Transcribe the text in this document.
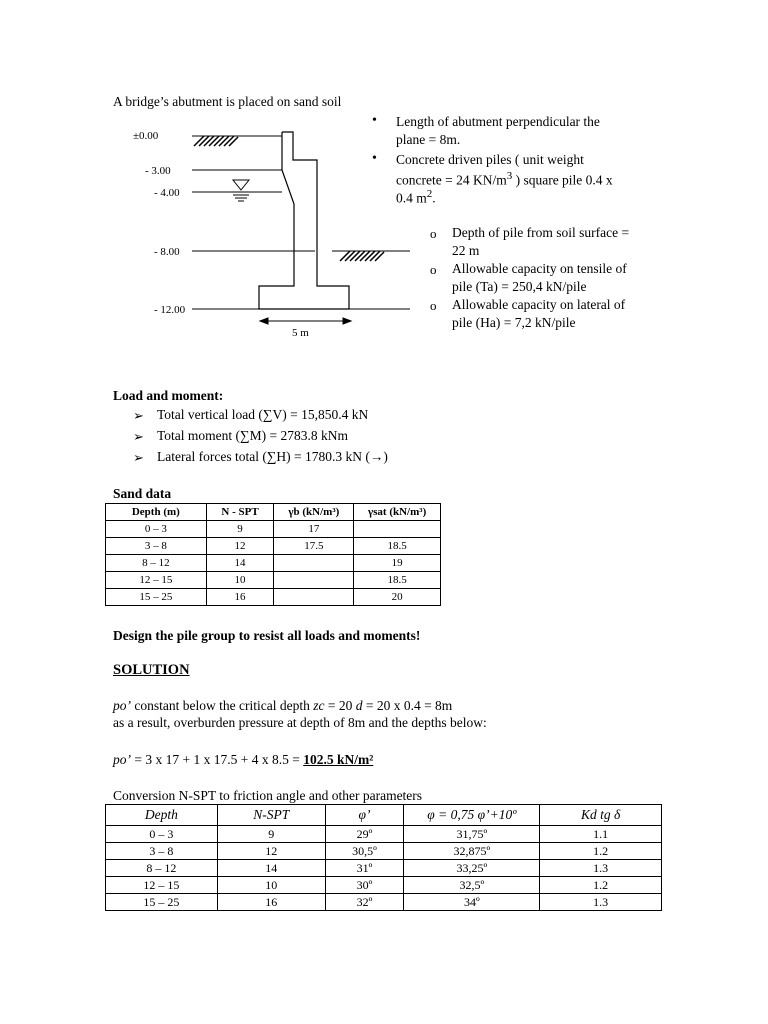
A bridge’s abutment is placed on sand soil
±0.00
- 3.00
- 4.00
- 8.00
- 12.00
5 m
• Length of abutment perpendicular the
plane = 8m.
• Concrete driven piles ( unit weight
concrete = 24 $KN/m^3$ ) square pile 0.4 x
0.4 $m^2$.
o Depth of pile from soil surface =
22 m
o Allowable capacity on tensile of
pile (Ta) = 250,4 kN/pile
o Allowable capacity on lateral of
pile (Ha) = 7,2 kN/pile
Load and moment:
➢ Total vertical load (∑V) = 15,850.4 kN
➢ Total moment (∑M) = 2783.8 kNm
➢ Lateral forces total (∑H) = 1780.3 kN (→)
Sand data
Depth (m)	N - SPT	γb (kN/m³)	γsat (kN/m³)
0 – 3	9	17	
3 – 8	12	17.5	18.5
8 – 12	14		19
12 – 15	10		18.5
15 – 25	16		20
Design the pile group to resist all loads and moments!
SOLUTION
po’ constant below the critical depth zc = 20 d = 20 x 0.4 = 8m
as a result, overburden pressure at depth of 8m and the depths below:
po’ = 3 x 17 + 1 x 17.5 + 4 x 8.5 = 102.5 kN/m²
Conversion N-SPT to friction angle and other parameters
Depth	N-SPT	φ’	φ = 0,75 φ’+10º	Kd tg δ
0 – 3	9	29º	31,75º	1.1
3 – 8	12	30,5º	32,875º	1.2
8 – 12	14	31º	33,25º	1.3
12 – 15	10	30º	32,5º	1.2
15 – 25	16	32º	34º	1.3
